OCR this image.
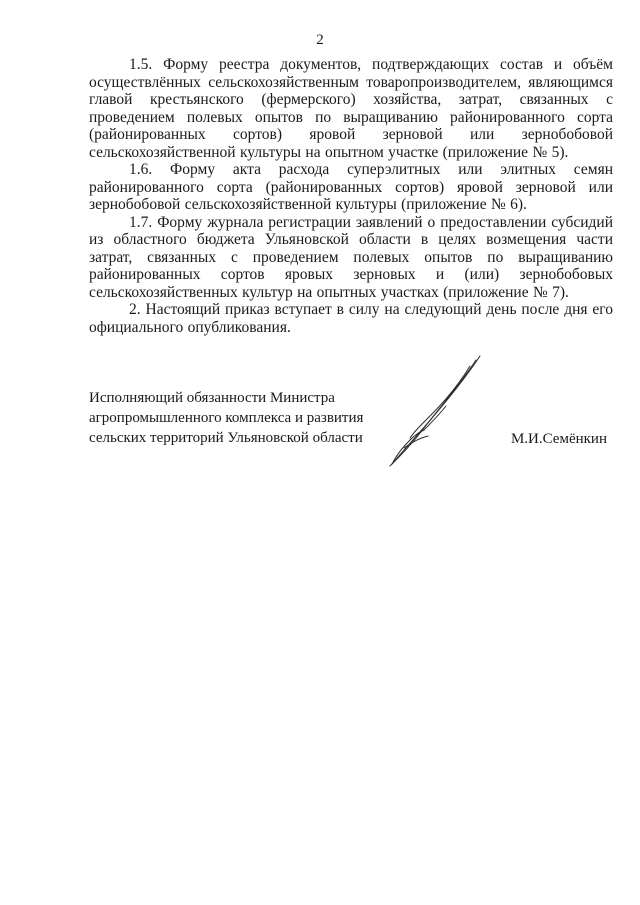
2

1.5. Форму реестра документов, подтверждающих состав и объём осуществлённых сельскохозяйственным товаропроизводителем, являющимся главой крестьянского (фермерского) хозяйства, затрат, связанных с проведением полевых опытов по выращиванию районированного сорта (районированных сортов) яровой зерновой или зернобобовой сельскохозяйственной культуры на опытном участке (приложение № 5).

1.6. Форму акта расхода суперэлитных или элитных семян районированного сорта (районированных сортов) яровой зерновой или зернобобовой сельскохозяйственной культуры (приложение № 6).

1.7. Форму журнала регистрации заявлений о предоставлении субсидий из областного бюджета Ульяновской области в целях возмещения части затрат, связанных с проведением полевых опытов по выращиванию районированных сортов яровых зерновых и (или) зернобобовых сельскохозяйственных культур на опытных участках (приложение № 7).

2. Настоящий приказ вступает в силу на следующий день после дня его официального опубликования.

Исполняющий обязанности Министра
агропромышленного комплекса и развития
сельских территорий Ульяновской области	М.И.Семёнкин
